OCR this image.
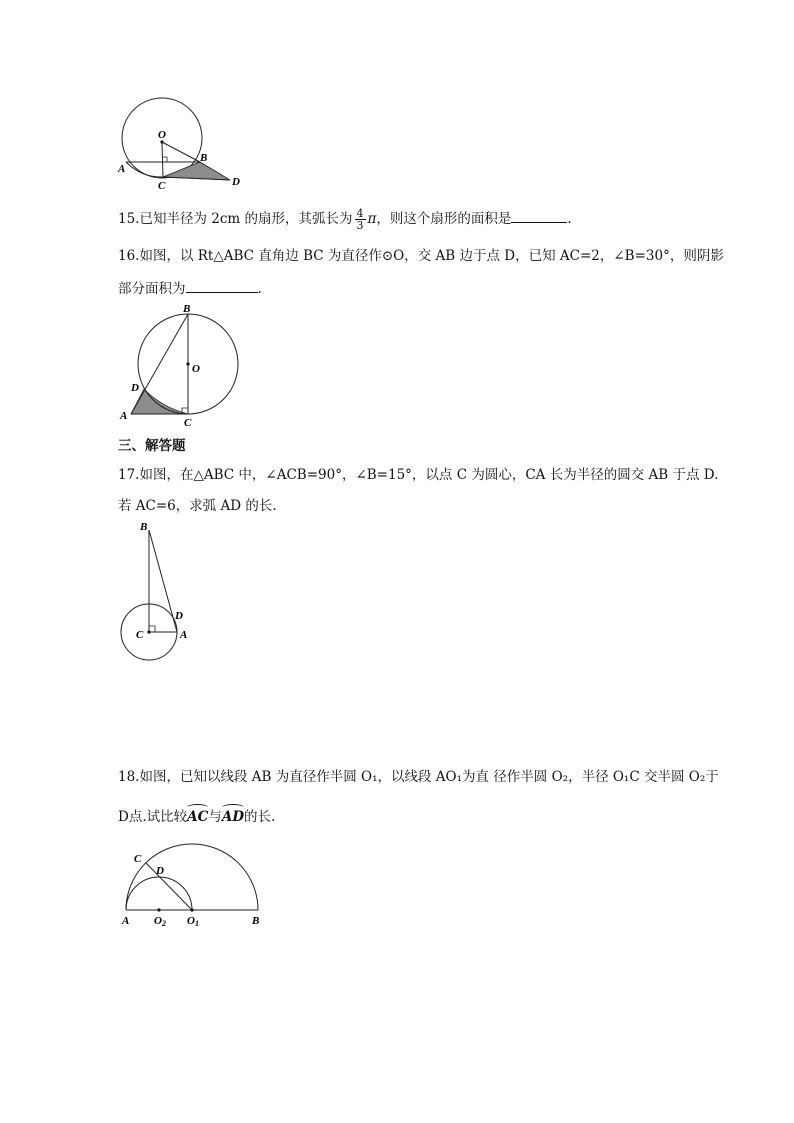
O
A
B
C	D
15.已知半径为 2cm 的扇形，其弧长为 $\frac{4}{3}$ π，则这个扇形的面积是	.
16.如图，以 Rt△ABC 直角边 BC 为直径作⊙O，交 AB 边于点 D，已知 AC=2，∠B=30°，则阴影
部分面积为	.
B
O
D
A
C
三、解答题
17.如图，在△ABC 中，∠ACB=90°，∠B=15°，以点 C 为圆心，CA 长为半径的圆交 AB 于点 D.
若 AC=6，求弧 AD 的长.
B
D
C	A
18.如图，已知以线段 AB 为直径作半圆 O₁，以线段 AO₁为直 径作半圆 O₂，半径 O₁C 交半圆 O₂于
D点.试比较AC与AD的长.
C
D
A O2 O1	B
